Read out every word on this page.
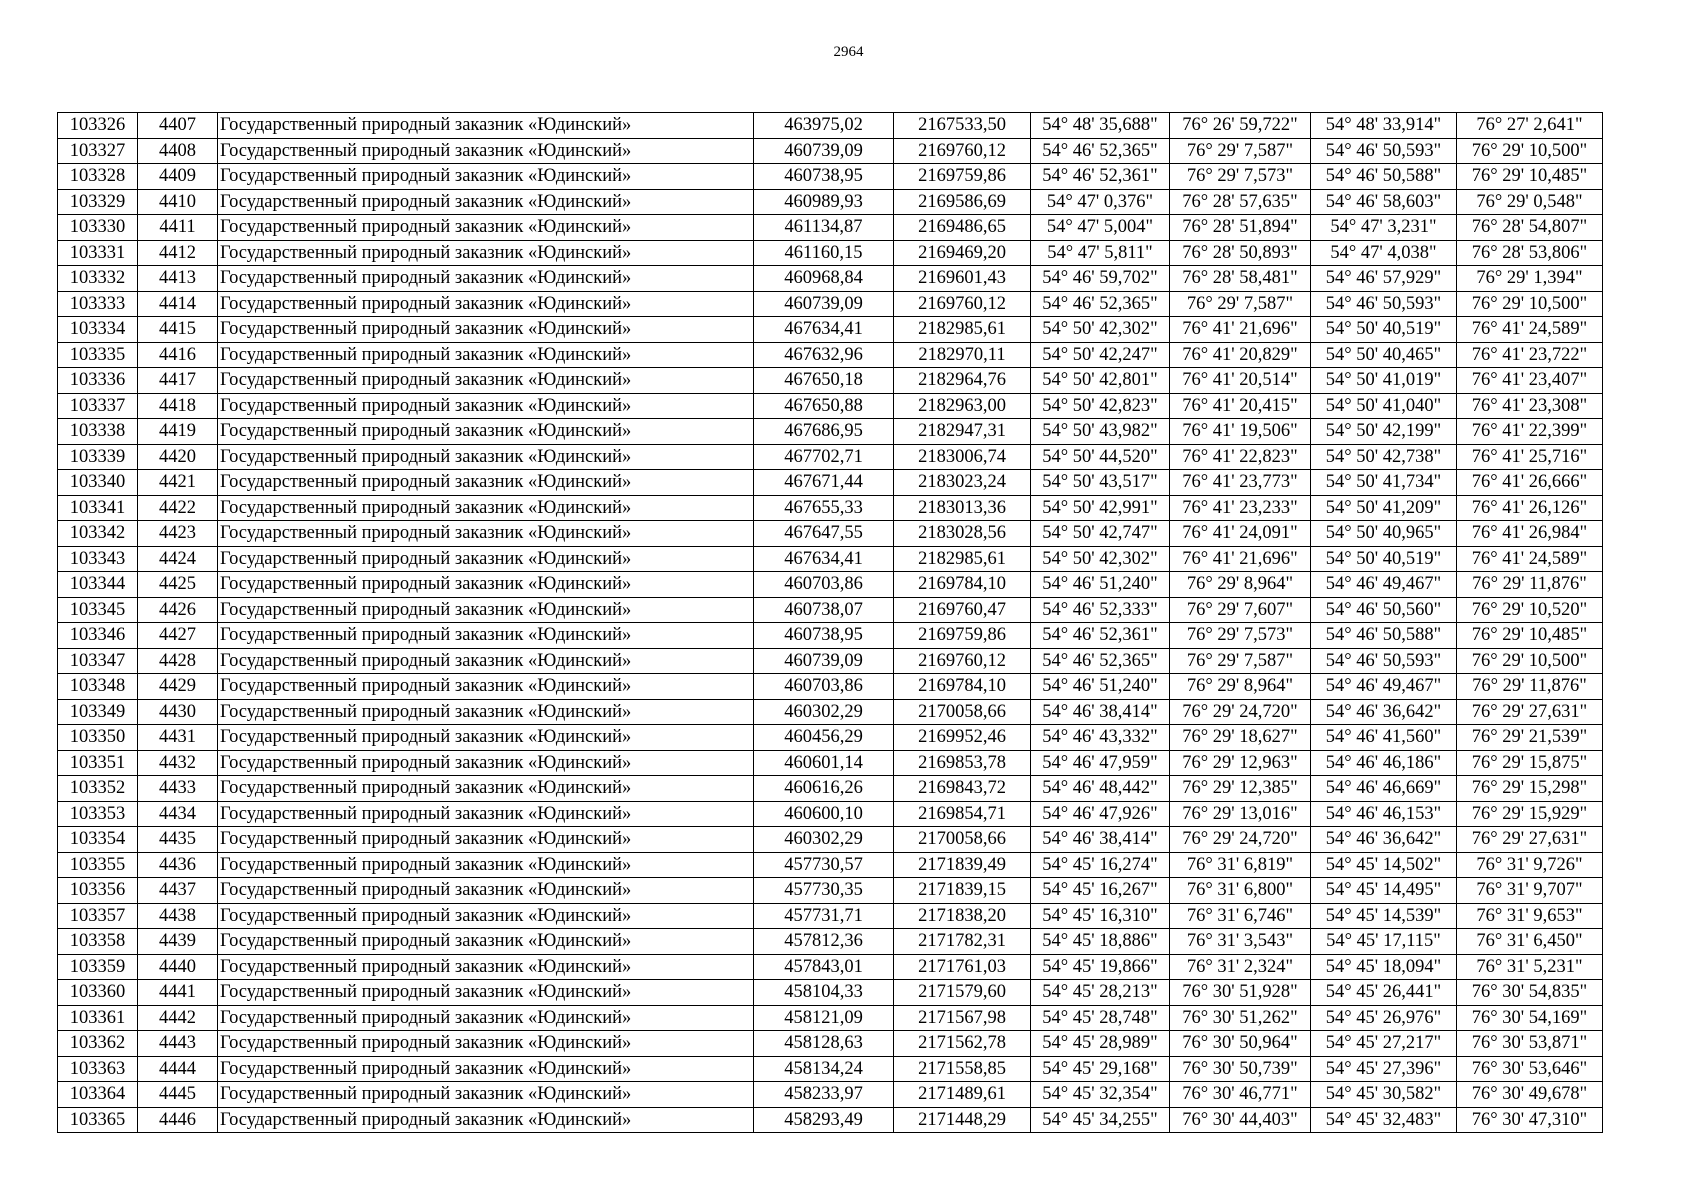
2964
103326	4407	Государственный природный заказник «Юдинский»	463975,02	2167533,50	54° 48' 35,688"	76° 26' 59,722"	54° 48' 33,914"	76° 27' 2,641"
103327	4408	Государственный природный заказник «Юдинский»	460739,09	2169760,12	54° 46' 52,365"	76° 29' 7,587"	54° 46' 50,593"	76° 29' 10,500"
103328	4409	Государственный природный заказник «Юдинский»	460738,95	2169759,86	54° 46' 52,361"	76° 29' 7,573"	54° 46' 50,588"	76° 29' 10,485"
103329	4410	Государственный природный заказник «Юдинский»	460989,93	2169586,69	54° 47' 0,376"	76° 28' 57,635"	54° 46' 58,603"	76° 29' 0,548"
103330	4411	Государственный природный заказник «Юдинский»	461134,87	2169486,65	54° 47' 5,004"	76° 28' 51,894"	54° 47' 3,231"	76° 28' 54,807"
103331	4412	Государственный природный заказник «Юдинский»	461160,15	2169469,20	54° 47' 5,811"	76° 28' 50,893"	54° 47' 4,038"	76° 28' 53,806"
103332	4413	Государственный природный заказник «Юдинский»	460968,84	2169601,43	54° 46' 59,702"	76° 28' 58,481"	54° 46' 57,929"	76° 29' 1,394"
103333	4414	Государственный природный заказник «Юдинский»	460739,09	2169760,12	54° 46' 52,365"	76° 29' 7,587"	54° 46' 50,593"	76° 29' 10,500"
103334	4415	Государственный природный заказник «Юдинский»	467634,41	2182985,61	54° 50' 42,302"	76° 41' 21,696"	54° 50' 40,519"	76° 41' 24,589"
103335	4416	Государственный природный заказник «Юдинский»	467632,96	2182970,11	54° 50' 42,247"	76° 41' 20,829"	54° 50' 40,465"	76° 41' 23,722"
103336	4417	Государственный природный заказник «Юдинский»	467650,18	2182964,76	54° 50' 42,801"	76° 41' 20,514"	54° 50' 41,019"	76° 41' 23,407"
103337	4418	Государственный природный заказник «Юдинский»	467650,88	2182963,00	54° 50' 42,823"	76° 41' 20,415"	54° 50' 41,040"	76° 41' 23,308"
103338	4419	Государственный природный заказник «Юдинский»	467686,95	2182947,31	54° 50' 43,982"	76° 41' 19,506"	54° 50' 42,199"	76° 41' 22,399"
103339	4420	Государственный природный заказник «Юдинский»	467702,71	2183006,74	54° 50' 44,520"	76° 41' 22,823"	54° 50' 42,738"	76° 41' 25,716"
103340	4421	Государственный природный заказник «Юдинский»	467671,44	2183023,24	54° 50' 43,517"	76° 41' 23,773"	54° 50' 41,734"	76° 41' 26,666"
103341	4422	Государственный природный заказник «Юдинский»	467655,33	2183013,36	54° 50' 42,991"	76° 41' 23,233"	54° 50' 41,209"	76° 41' 26,126"
103342	4423	Государственный природный заказник «Юдинский»	467647,55	2183028,56	54° 50' 42,747"	76° 41' 24,091"	54° 50' 40,965"	76° 41' 26,984"
103343	4424	Государственный природный заказник «Юдинский»	467634,41	2182985,61	54° 50' 42,302"	76° 41' 21,696"	54° 50' 40,519"	76° 41' 24,589"
103344	4425	Государственный природный заказник «Юдинский»	460703,86	2169784,10	54° 46' 51,240"	76° 29' 8,964"	54° 46' 49,467"	76° 29' 11,876"
103345	4426	Государственный природный заказник «Юдинский»	460738,07	2169760,47	54° 46' 52,333"	76° 29' 7,607"	54° 46' 50,560"	76° 29' 10,520"
103346	4427	Государственный природный заказник «Юдинский»	460738,95	2169759,86	54° 46' 52,361"	76° 29' 7,573"	54° 46' 50,588"	76° 29' 10,485"
103347	4428	Государственный природный заказник «Юдинский»	460739,09	2169760,12	54° 46' 52,365"	76° 29' 7,587"	54° 46' 50,593"	76° 29' 10,500"
103348	4429	Государственный природный заказник «Юдинский»	460703,86	2169784,10	54° 46' 51,240"	76° 29' 8,964"	54° 46' 49,467"	76° 29' 11,876"
103349	4430	Государственный природный заказник «Юдинский»	460302,29	2170058,66	54° 46' 38,414"	76° 29' 24,720"	54° 46' 36,642"	76° 29' 27,631"
103350	4431	Государственный природный заказник «Юдинский»	460456,29	2169952,46	54° 46' 43,332"	76° 29' 18,627"	54° 46' 41,560"	76° 29' 21,539"
103351	4432	Государственный природный заказник «Юдинский»	460601,14	2169853,78	54° 46' 47,959"	76° 29' 12,963"	54° 46' 46,186"	76° 29' 15,875"
103352	4433	Государственный природный заказник «Юдинский»	460616,26	2169843,72	54° 46' 48,442"	76° 29' 12,385"	54° 46' 46,669"	76° 29' 15,298"
103353	4434	Государственный природный заказник «Юдинский»	460600,10	2169854,71	54° 46' 47,926"	76° 29' 13,016"	54° 46' 46,153"	76° 29' 15,929"
103354	4435	Государственный природный заказник «Юдинский»	460302,29	2170058,66	54° 46' 38,414"	76° 29' 24,720"	54° 46' 36,642"	76° 29' 27,631"
103355	4436	Государственный природный заказник «Юдинский»	457730,57	2171839,49	54° 45' 16,274"	76° 31' 6,819"	54° 45' 14,502"	76° 31' 9,726"
103356	4437	Государственный природный заказник «Юдинский»	457730,35	2171839,15	54° 45' 16,267"	76° 31' 6,800"	54° 45' 14,495"	76° 31' 9,707"
103357	4438	Государственный природный заказник «Юдинский»	457731,71	2171838,20	54° 45' 16,310"	76° 31' 6,746"	54° 45' 14,539"	76° 31' 9,653"
103358	4439	Государственный природный заказник «Юдинский»	457812,36	2171782,31	54° 45' 18,886"	76° 31' 3,543"	54° 45' 17,115"	76° 31' 6,450"
103359	4440	Государственный природный заказник «Юдинский»	457843,01	2171761,03	54° 45' 19,866"	76° 31' 2,324"	54° 45' 18,094"	76° 31' 5,231"
103360	4441	Государственный природный заказник «Юдинский»	458104,33	2171579,60	54° 45' 28,213"	76° 30' 51,928"	54° 45' 26,441"	76° 30' 54,835"
103361	4442	Государственный природный заказник «Юдинский»	458121,09	2171567,98	54° 45' 28,748"	76° 30' 51,262"	54° 45' 26,976"	76° 30' 54,169"
103362	4443	Государственный природный заказник «Юдинский»	458128,63	2171562,78	54° 45' 28,989"	76° 30' 50,964"	54° 45' 27,217"	76° 30' 53,871"
103363	4444	Государственный природный заказник «Юдинский»	458134,24	2171558,85	54° 45' 29,168"	76° 30' 50,739"	54° 45' 27,396"	76° 30' 53,646"
103364	4445	Государственный природный заказник «Юдинский»	458233,97	2171489,61	54° 45' 32,354"	76° 30' 46,771"	54° 45' 30,582"	76° 30' 49,678"
103365	4446	Государственный природный заказник «Юдинский»	458293,49	2171448,29	54° 45' 34,255"	76° 30' 44,403"	54° 45' 32,483"	76° 30' 47,310"
